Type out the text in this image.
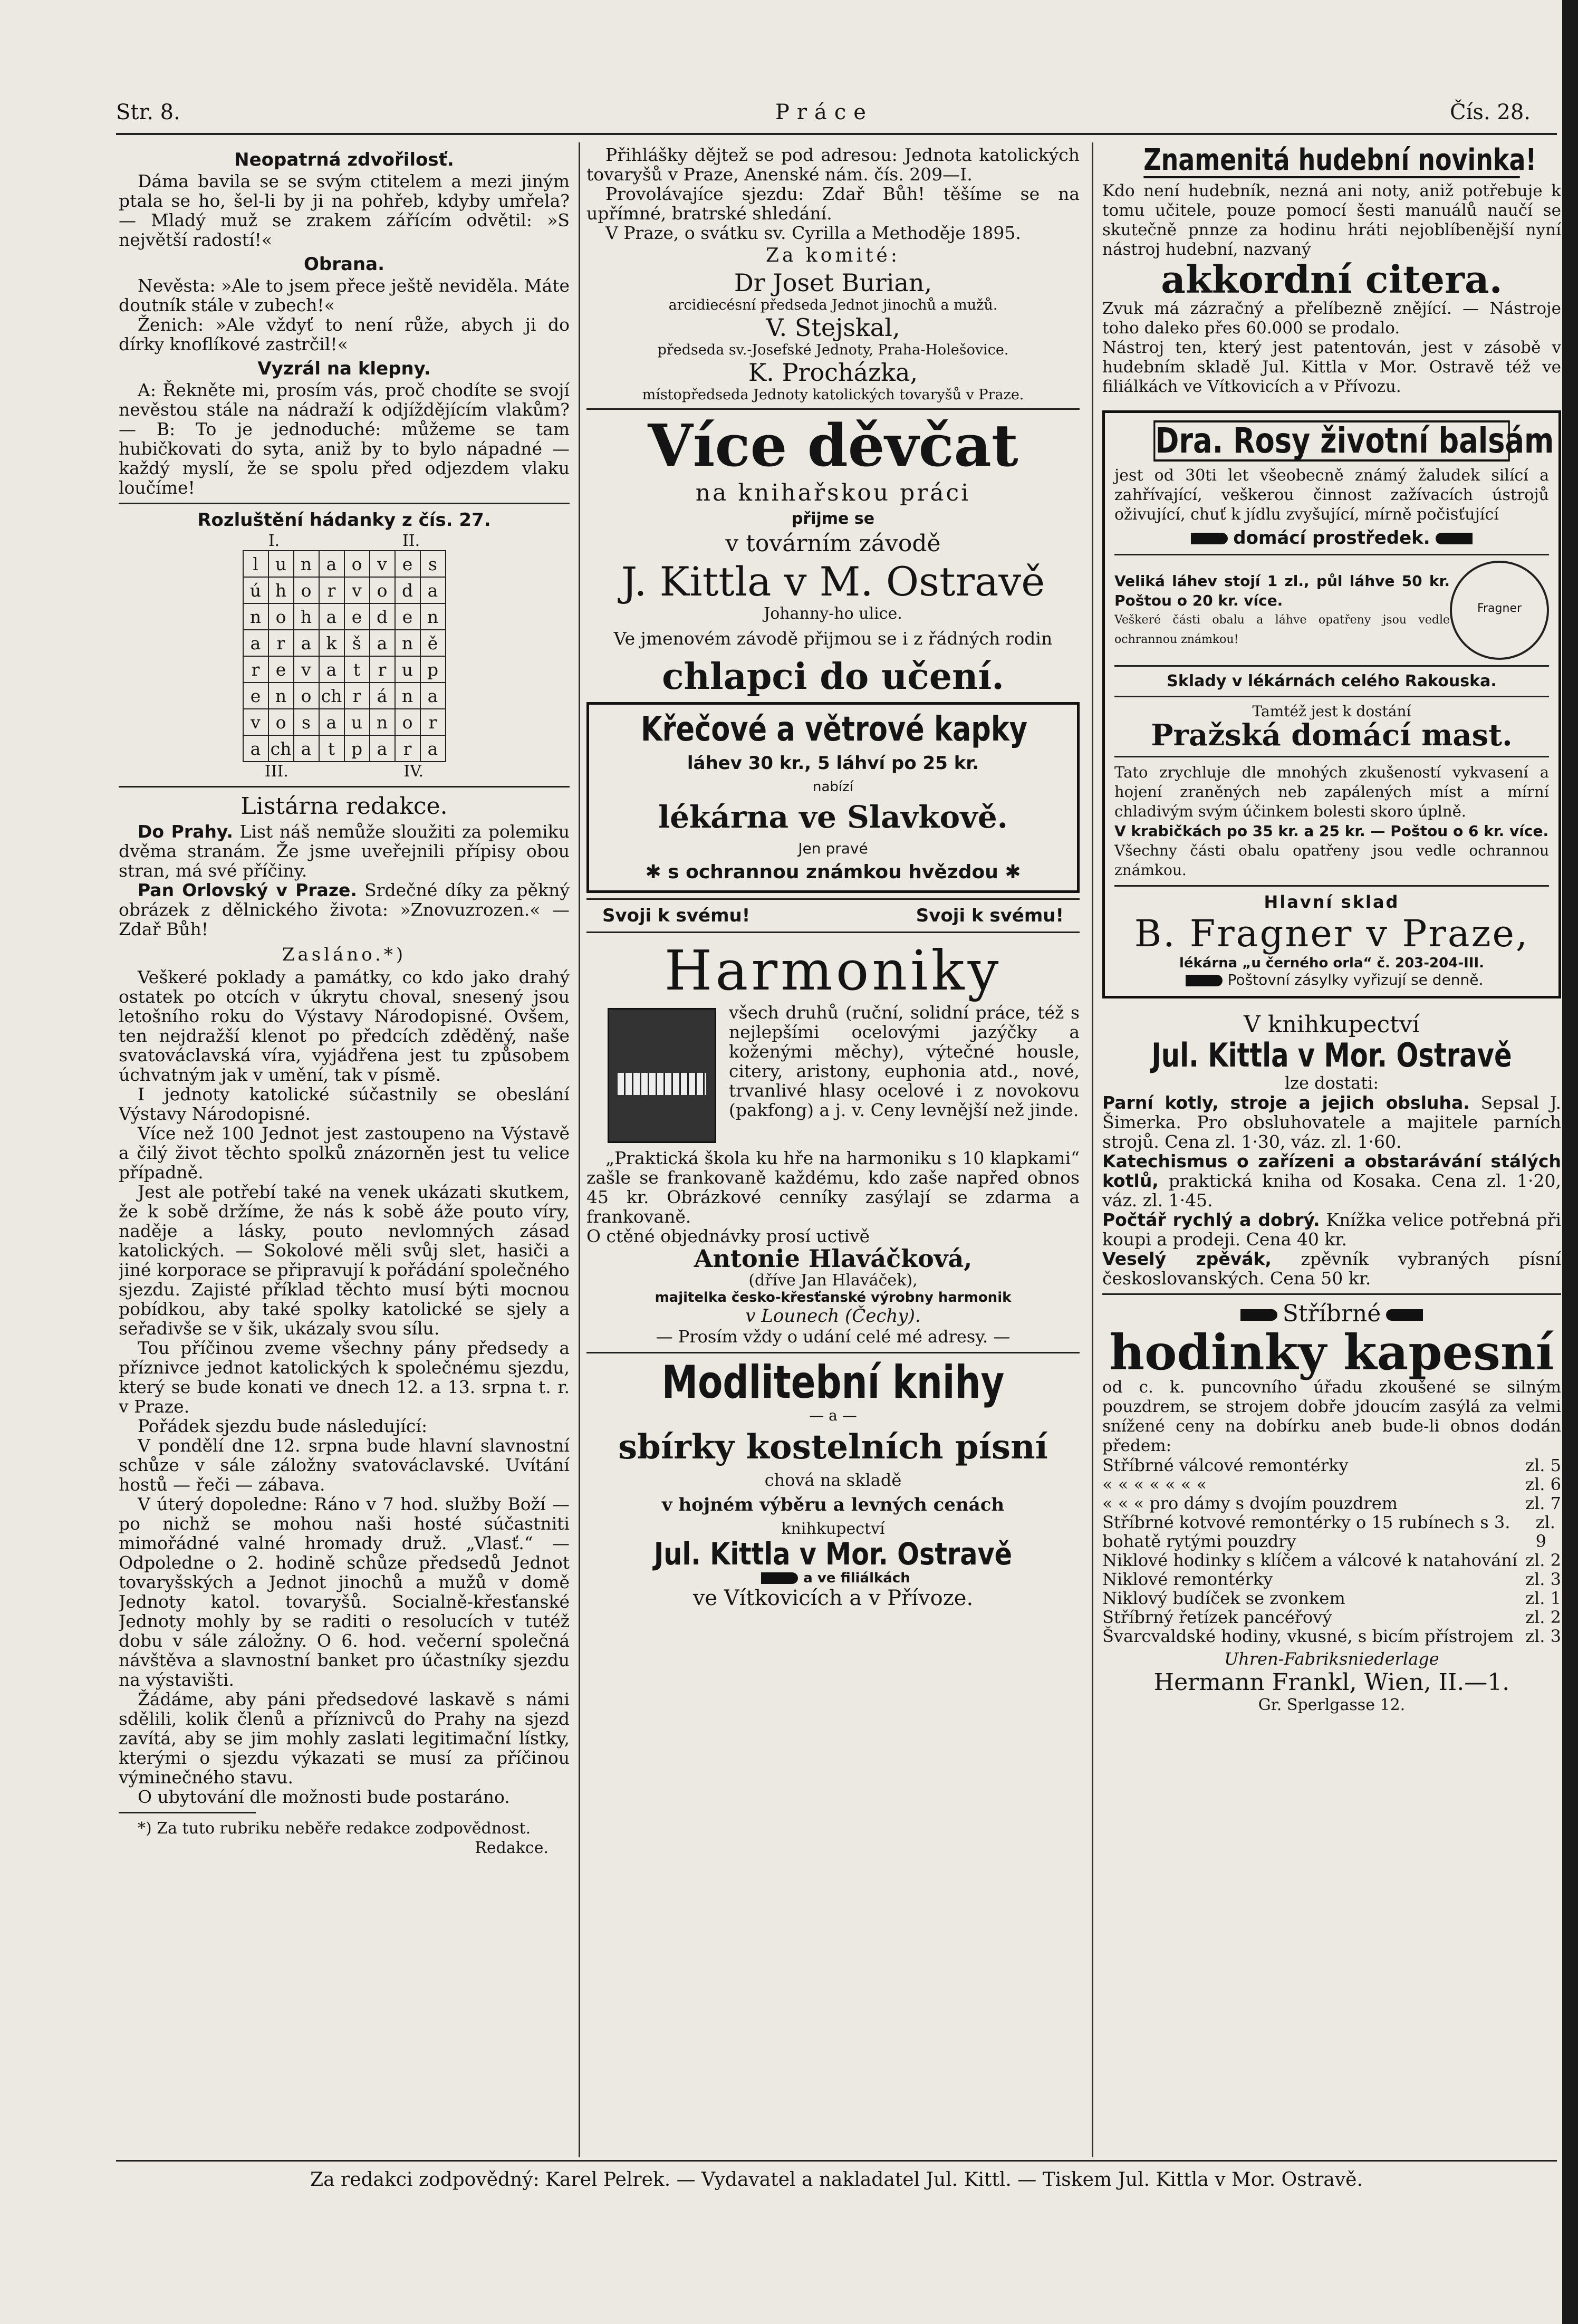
Str. 8.	Práce	Čís. 28.
Neopatrná zdvořilosť.

Dáma bavila se se svým ctitelem a mezi jiným ptala se ho, šel-li by ji na pohřeb, kdyby umřela? — Mladý muž se zrakem zářícím odvětil: »S největší radostí!«

Obrana.

Nevěsta: »Ale to jsem přece ještě neviděla. Máte doutník stále v zubech!«

Ženich: »Ale vždyť to není růže, abych ji do dírky knoflíkové zastrčil!«

Vyzrál na klepny.

A: Řekněte mi, prosím vás, proč chodíte se svojí nevěstou stále na nádraží k odjíždějícím vlakům? — B: To je jednoduché: můžeme se tam hubičkovati do syta, aniž by to bylo nápadné — každý myslí, že se spolu před odjezdem vlaku loučíme!

Rozluštění hádanky z čís. 27.
I.	II.
l	u	n	a	o	v	e	s
ú	h	o	r	v	o	d	a
n	o	h	a	e	d	e	n
a	r	a	k	š	a	n	ě
r	e	v	a	t	r	u	p
e	n	o	ch	r	á	n	a
v	o	s	a	u	n	o	r
a	ch	a	t	p	a	r	a
III.	IV.
Listárna redakce.

Do Prahy. List náš nemůže sloužiti za polemiku dvěma stranám. Že jsme uveřejnili přípisy obou stran, má své příčiny.

Pan Orlovský v Praze. Srdečné díky za pěkný obrázek z dělnického života: »Znovuzrozen.« — Zdař Bůh!

Zasláno.*)

Veškeré poklady a památky, co kdo jako drahý ostatek po otcích v úkrytu choval, snesený jsou letošního roku do Výstavy Národopisné. Ovšem, ten nejdražší klenot po předcích zděděný, naše svatováclavská víra, vyjádřena jest tu způsobem úchvatným jak v umění, tak v písmě.

I jednoty katolické súčastnily se obeslání Výstavy Národopisné.

Více než 100 Jednot jest zastoupeno na Výstavě a čilý život těchto spolků znázorněn jest tu velice případně.

Jest ale potřebí také na venek ukázati skutkem, že k sobě držíme, že nás k sobě áže pouto víry, naděje a lásky, pouto nevlomných zásad katolických. — Sokolové měli svůj slet, hasiči a jiné korporace se připravují k pořádání společného sjezdu. Zajisté příklad těchto musí býti mocnou pobídkou, aby také spolky katolické se sjely a seřadivše se v šik, ukázaly svou sílu.

Tou příčinou zveme všechny pány předsedy a příznivce jednot katolických k společnému sjezdu, který se bude konati ve dnech 12. a 13. srpna t. r. v Praze.

Pořádek sjezdu bude následující:

V pondělí dne 12. srpna bude hlavní slavnostní schůze v sále záložny svatováclavské. Uvítání hostů — řeči — zábava.

V úterý dopoledne: Ráno v 7 hod. služby Boží — po nichž se mohou naši hosté súčastniti mimořádné valné hromady druž. „Vlasť.“ — Odpoledne o 2. hodině schůze předsedů Jednot tovaryšských a Jednot jinochů a mužů v domě Jednoty katol. tovaryšů. Socialně-křesťanské Jednoty mohly by se raditi o resolucích v tutéž dobu v sále záložny. O 6. hod. večerní společná návštěva a slavnostní banket pro účastníky sjezdu na výstavišti.

Žádáme, aby páni předsedové laskavě s námi sdělili, kolik členů a příznivců do Prahy na sjezd zavítá, aby se jim mohly zaslati legitimační lístky, kterými o sjezdu výkazati se musí za příčinou výminečného stavu.

O ubytování dle možnosti bude postaráno.

*) Za tuto rubriku neběře redakce zodpovědnost.

Redakce.

Přihlášky dějtež se pod adresou: Jednota katolických tovaryšů v Praze, Anenské nám. čís. 209—I.

Provolávajíce sjezdu: Zdař Bůh! těšíme se na upřímné, bratrské shledání.

V Praze, o svátku sv. Cyrilla a Methoděje 1895.

Za komité:
Dr Joset Burian,
arcidiecésní předseda Jednot jinochů a mužů.
V. Stejskal,
předseda sv.-Josefské Jednoty, Praha-Holešovice.
K. Procházka,
místopředseda Jednoty katolických tovaryšů v Praze.
Více děvčat
na knihařskou práci
přijme se
v továrním závodě
J. Kittla v M. Ostravě
Johanny-ho ulice.
Ve jmenovém závodě přijmou se i z řádných rodin
chlapci do učení.
Křečové a větrové kapky
láhev 30 kr., 5 láhví po 25 kr.
nabízí
lékárna ve Slavkově.
Jen pravé
✱ s ochrannou známkou hvězdou ✱
Svoji k svému!	Svoji k svému!
Harmoniky

všech druhů (ruční, solidní práce, též s nejlepšími ocelovými jazýčky a koženými měchy), výtečné housle, citery, aristony, euphonia atd., nové, trvanlivé hlasy ocelové i z novokovu (pakfong) a j. v. Ceny levnější než jinde.

„Praktická škola ku hře na harmoniku s 10 klapkami“ zašle se frankovaně každému, kdo zaše napřed obnos 45 kr. Obrázkové cenníky zasýlají se zdarma a frankovaně.

O ctěné objednávky prosí uctivě

Antonie Hlaváčková,
(dříve Jan Hlaváček),
majitelka česko-křesťanské výrobny harmonik
v Lounech (Čechy).
— Prosím vždy o udání celé mé adresy. —
Modlitební knihy
— a —
sbírky kostelních písní
chová na skladě
v hojném výběru a levných cenách
knihkupectví
Jul. Kittla v Mor. Ostravě
a ve filiálkách
ve Vítkovicích a v Přívoze.
Znamenitá hudební novinka!

Kdo není hudebník, nezná ani noty, aniž potřebuje k tomu učitele, pouze pomocí šesti manuálů naučí se skutečně pnnze za hodinu hráti nejoblíbenější nyní nástroj hudební, nazvaný

akkordní citera.

Zvuk má zázračný a přelíbezně znějící. — Nástroje toho dalekо přes 60.000 se prodalo.

Nástroj ten, který jest patentován, jest v zásobě v hudebním skladě Jul. Kittla v Mor. Ostravě též ve filiálkách ve Vítkovicích a v Přívozu.

Dra. Rosy životní balsám

jest od 30ti let všeobecně známý žaludek silící a zahřívající, veškerou činnost zažívacích ústrojů oživující, chuť k jídlu zvyšující, mírně počisťující

domácí prostředek.

Veliká láhev stojí 1 zl., půl láhve 50 kr. Poštou o 20 kr. více.

Veškeré části obalu a láhve opatřeny jsou vedle ochrannou známkou!

Fragner
Sklady v lékárnách celého Rakouska.
Tamtéž jest k dostání
Pražská domácí mast.

Tato zrychluje dle mnohých zkušeností vykvasení a hojení zraněných neb zapálených míst a mírní chladivým svým účinkem bolesti skoro úplně.

V krabičkách po 35 kr. a 25 kr. — Poštou o 6 kr. více.

Všechny části obalu opatřeny jsou vedle ochrannou známkou.

Hlavní sklad
B. Fragner v Praze,
lékárna „u černého orla“ č. 203-204-III.
Poštovní zásylky vyřizují se denně.
V knihkupectví
Jul. Kittla v Mor. Ostravě
lze dostati:

Parní kotly, stroje a jejich obsluha. Sepsal J. Šimerka. Pro obsluhovatele a majitele parních strojů. Cena zl. 1·30, váz. zl. 1·60.

Katechismus o zařízeni a obstarávání stálých kotlů, praktická kniha od Kosaka. Cena zl. 1·20, váz. zl. 1·45.

Počtář rychlý a dobrý. Knížka velice potřebná při koupi a prodeji. Cena 40 kr.

Veselý zpěvák, zpěvník vybraných písní českoslovanských. Cena 50 kr.

Stříbrné
hodinky kapesní

od c. k. puncovního úřadu zkoušené se silným pouzdrem, se strojem dobře jdoucím zasýlá za velmi snížené ceny na dobírku aneb bude-li obnos dodán předem:

Stříbrné válcové remontérky	zl. 5
« « « « « « «	zl. 6
« « « pro dámy s dvojím pouzdrem	zl. 7
Stříbrné kotvové remontérky o 15 rubínech s 3. bohatě rytými pouzdry
zl. 9
Niklové hodinky s klíčem a válcové k natahování zl. 2
Niklové remontérky	zl. 3
Niklový budíček se zvonkem	zl. 1
Stříbrný řetízek pancéřový	zl. 2
Švarcvaldské hodiny, vkusné, s bicím přístrojem zl. 3
Uhren-Fabriksniederlage
Hermann Frankl, Wien, II.—1.
Gr. Sperlgasse 12.
Za redakci zodpovědný: Karel Pelrek. — Vydavatel a nakladatel Jul. Kittl. — Tiskem Jul. Kittla v Mor. Ostravě.
